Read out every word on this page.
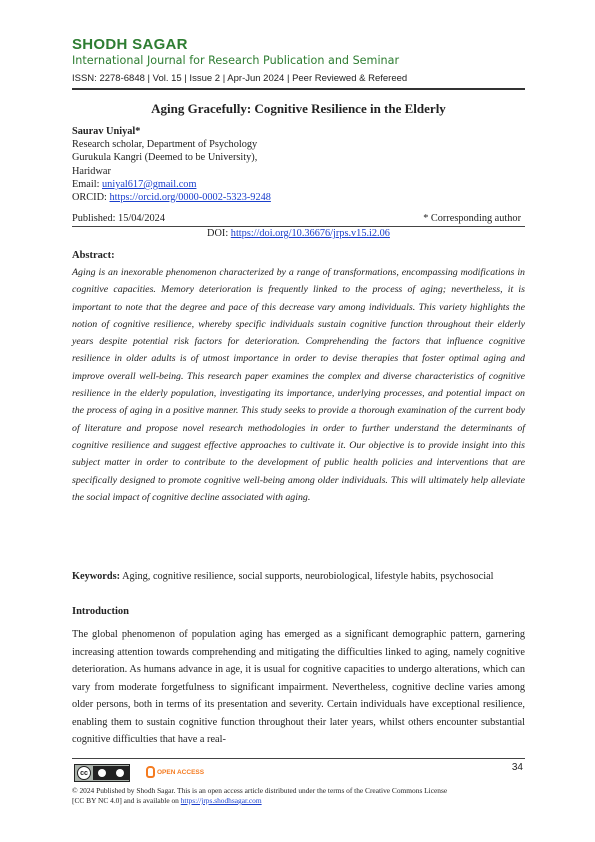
SHODH SAGAR
International Journal for Research Publication and Seminar
ISSN: 2278-6848 | Vol. 15 | Issue 2 | Apr-Jun 2024 | Peer Reviewed & Refereed
Aging Gracefully: Cognitive Resilience in the Elderly
Saurav Uniyal*
Research scholar, Department of Psychology
Gurukula Kangri (Deemed to be University),
Haridwar
Email: uniyal617@gmail.com
ORCID: https://orcid.org/0000-0002-5323-9248
Published: 15/04/2024	* Corresponding author
DOI: https://doi.org/10.36676/jrps.v15.i2.06
Abstract:
Aging is an inexorable phenomenon characterized by a range of transformations, encompassing modifications in cognitive capacities. Memory deterioration is frequently linked to the process of aging; nevertheless, it is important to note that the degree and pace of this decrease vary among individuals. This variety highlights the notion of cognitive resilience, whereby specific individuals sustain cognitive function throughout their elderly years despite potential risk factors for deterioration. Comprehending the factors that influence cognitive resilience in older adults is of utmost importance in order to devise therapies that foster optimal aging and improve overall well-being. This research paper examines the complex and diverse characteristics of cognitive resilience in the elderly population, investigating its importance, underlying processes, and potential impact on the process of aging in a positive manner. This study seeks to provide a thorough examination of the current body of literature and propose novel research methodologies in order to further understand the determinants of cognitive resilience and suggest effective approaches to cultivate it. Our objective is to provide insight into this subject matter in order to contribute to the development of public health policies and interventions that are specifically designed to promote cognitive well-being among older individuals. This will ultimately help alleviate the social impact of cognitive decline associated with aging.
Keywords: Aging, cognitive resilience, social supports, neurobiological, lifestyle habits, psychosocial
Introduction
The global phenomenon of population aging has emerged as a significant demographic pattern, garnering increasing attention towards comprehending and mitigating the difficulties linked to aging, namely cognitive deterioration. As humans advance in age, it is usual for cognitive capacities to undergo alterations, which can vary from moderate forgetfulness to significant impairment. Nevertheless, cognitive decline varies among older persons, both in terms of its presentation and severity. Certain individuals have exceptional resilience, enabling them to sustain cognitive function throughout their later years, whilst others encounter substantial cognitive difficulties that have a real-
34
cc	OPEN ACCESS
© 2024 Published by Shodh Sagar. This is an open access article distributed under the terms of the Creative Commons License
[CC BY NC 4.0] and is available on https://jrps.shodhsagar.com
